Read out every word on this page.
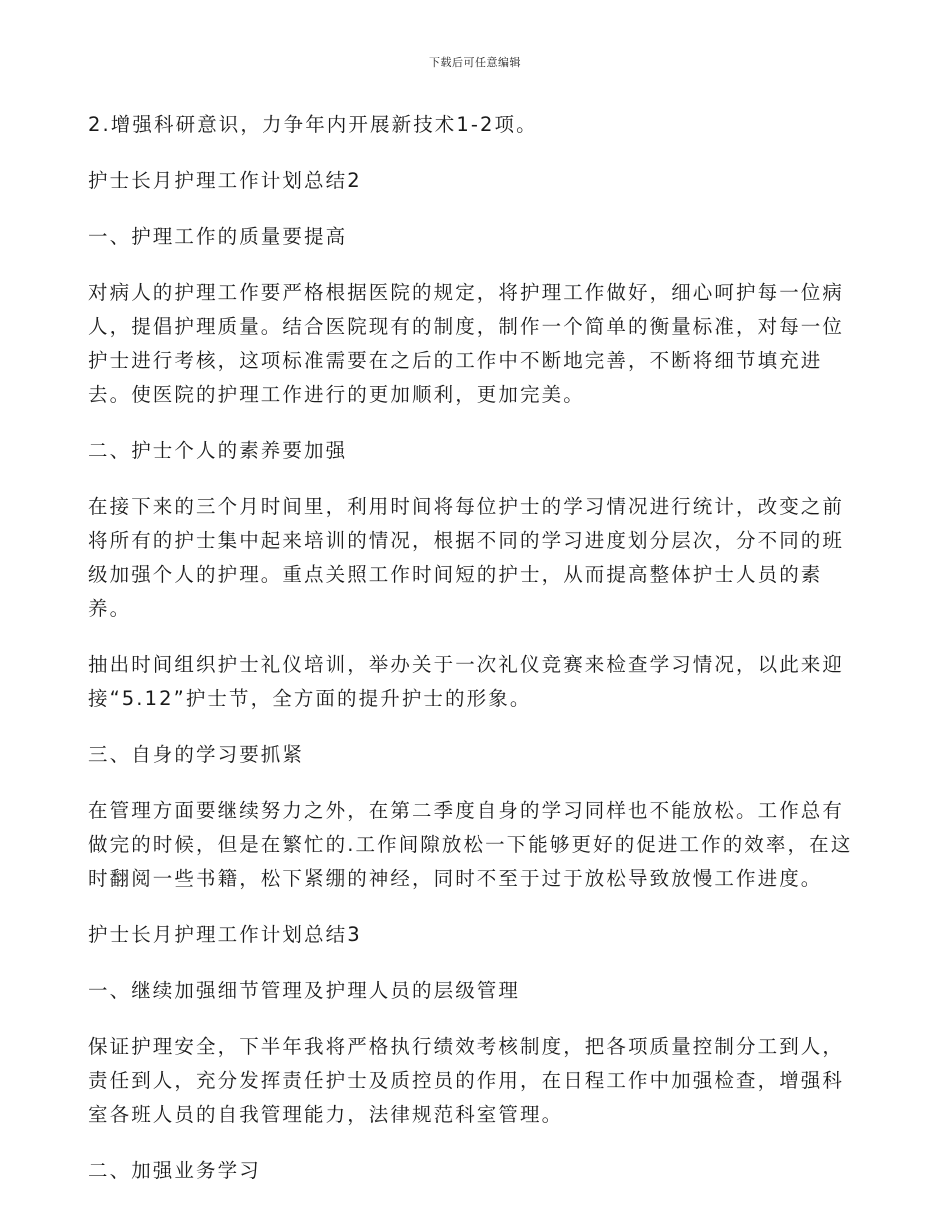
下载后可任意编辑

2.增强科研意识，力争年内开展新技术1-2项。

护士长月护理工作计划总结2

一、护理工作的质量要提高

对病人的护理工作要严格根据医院的规定，将护理工作做好，细心呵护每一位病
人，提倡护理质量。结合医院现有的制度，制作一个简单的衡量标准，对每一位
护士进行考核，这项标准需要在之后的工作中不断地完善，不断将细节填充进
去。使医院的护理工作进行的更加顺利，更加完美。

二、护士个人的素养要加强

在接下来的三个月时间里，利用时间将每位护士的学习情况进行统计，改变之前
将所有的护士集中起来培训的情况，根据不同的学习进度划分层次，分不同的班
级加强个人的护理。重点关照工作时间短的护士，从而提高整体护士人员的素
养。

抽出时间组织护士礼仪培训，举办关于一次礼仪竞赛来检查学习情况，以此来迎
接“5.12”护士节，全方面的提升护士的形象。

三、自身的学习要抓紧

在管理方面要继续努力之外，在第二季度自身的学习同样也不能放松。工作总有
做完的时候，但是在繁忙的.工作间隙放松一下能够更好的促进工作的效率，在这
时翻阅一些书籍，松下紧绷的神经，同时不至于过于放松导致放慢工作进度。

护士长月护理工作计划总结3

一、继续加强细节管理及护理人员的层级管理

保证护理安全，下半年我将严格执行绩效考核制度，把各项质量控制分工到人，
责任到人，充分发挥责任护士及质控员的作用，在日程工作中加强检查，增强科
室各班人员的自我管理能力，法律规范科室管理。

二、加强业务学习
